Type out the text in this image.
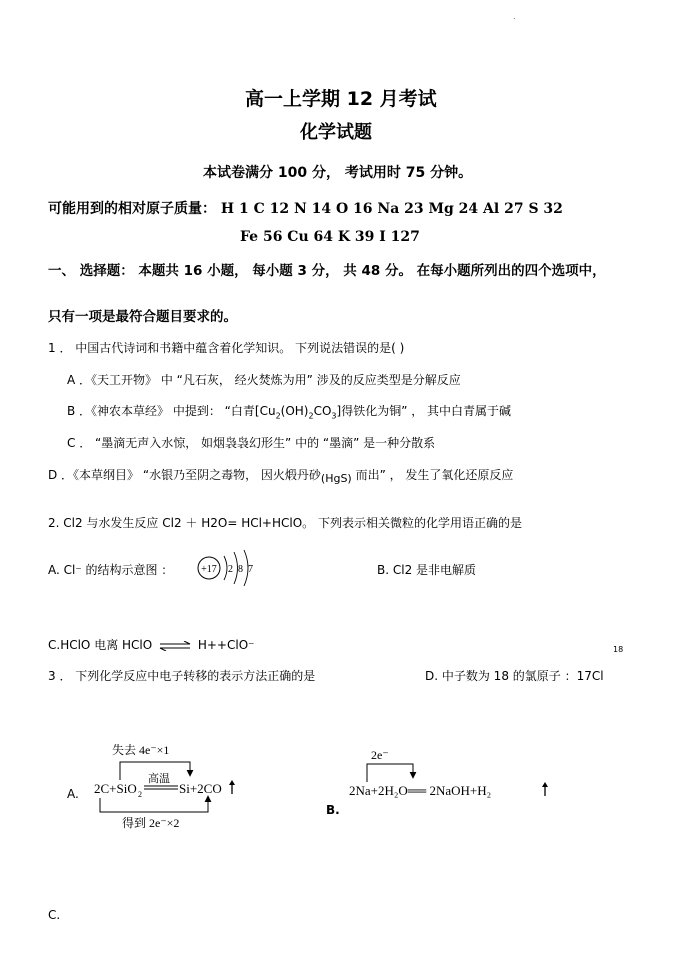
.
高一上学期 12 月考试
化学试题
本试卷满分 100 分， 考试用时 75 分钟。
可能用到的相对原子质量： H 1 C 12 N 14 O 16 Na 23 Mg 24 Al 27 S 32
Fe 56 Cu 64 K 39 I 127
一、 选择题： 本题共 16 小题， 每小题 3 分， 共 48 分。 在每小题所列出的四个选项中，
只有一项是最符合题目要求的。
1 ． 中国古代诗词和书籍中蕴含着化学知识。 下列说法错误的是( )
A ．《天工开物》 中 “凡石灰， 经火焚炼为用” 涉及的反应类型是分解反应
B ．《神农本草经》 中提到： “白青$[Cu_2(OH)_2CO_3]$得铁化为铜” ， 其中白青属于碱
C ． “墨滴无声入水惊， 如烟袅袅幻形生” 中的 “墨滴” 是一种分散系
D ．《本草纲目》 “水银乃至阴之毒物， 因火煅丹砂(HgS) 而出” ， 发生了氧化还原反应
2. Cl2 与水发生反应 Cl2 ＋ H2O= HCl+HClO。 下列表示相关微粒的化学用语正确的是
A. Cl⁻ 的结构示意图 ：	+17 2 8 7	B. Cl2 是非电解质
C.HClO 电离 HClO ⇌ H++ClO⁻	18
3 ． 下列化学反应中电子转移的表示方法正确的是	D. 中子数为 18 的氯原子 ：17Cl
A.
失去 4e⁻×1
2C+SiO 2
高温
Si+2CO
得到 2e⁻×2
2e⁻
2Na+2H₂O══ 2NaOH+H₂
B.
C.
